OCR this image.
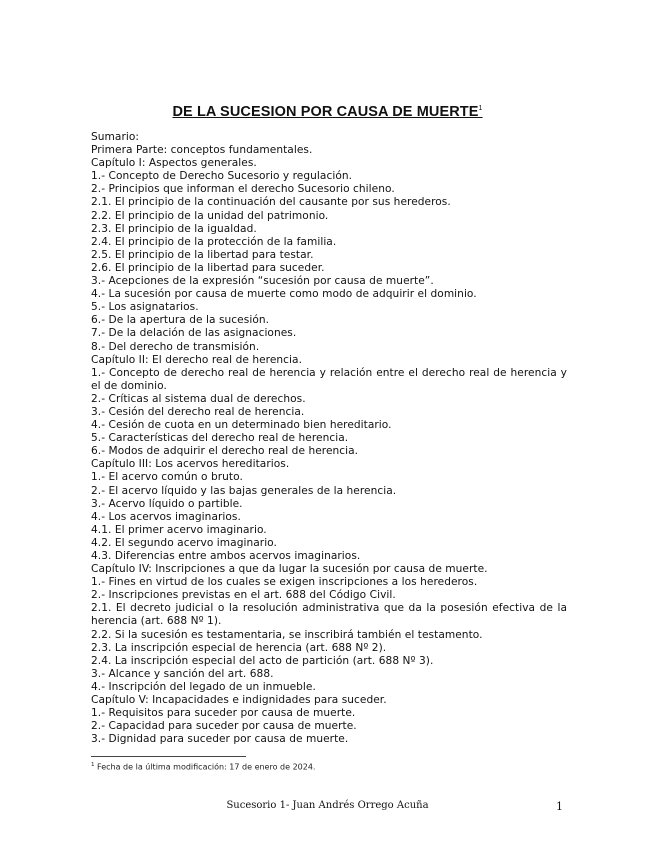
DE LA SUCESION POR CAUSA DE MUERTE$^1$
Sumario:
Primera Parte: conceptos fundamentales.
Capítulo I: Aspectos generales.
1.- Concepto de Derecho Sucesorio y regulación.
2.- Principios que informan el derecho Sucesorio chileno.
2.1. El principio de la continuación del causante por sus herederos.
2.2. El principio de la unidad del patrimonio.
2.3. El principio de la igualdad.
2.4. El principio de la protección de la familia.
2.5. El principio de la libertad para testar.
2.6. El principio de la libertad para suceder.
3.- Acepciones de la expresión “sucesión por causa de muerte”.
4.- La sucesión por causa de muerte como modo de adquirir el dominio.
5.- Los asignatarios.
6.- De la apertura de la sucesión.
7.- De la delación de las asignaciones.
8.- Del derecho de transmisión.
Capítulo II: El derecho real de herencia.
1.- Concepto de derecho real de herencia y relación entre el derecho real de herencia y el de dominio.
2.- Críticas al sistema dual de derechos.
3.- Cesión del derecho real de herencia.
4.- Cesión de cuota en un determinado bien hereditario.
5.- Características del derecho real de herencia.
6.- Modos de adquirir el derecho real de herencia.
Capítulo III: Los acervos hereditarios.
1.- El acervo común o bruto.
2.- El acervo líquido y las bajas generales de la herencia.
3.- Acervo líquido o partible.
4.- Los acervos imaginarios.
4.1. El primer acervo imaginario.
4.2. El segundo acervo imaginario.
4.3. Diferencias entre ambos acervos imaginarios.
Capítulo IV: Inscripciones a que da lugar la sucesión por causa de muerte.
1.- Fines en virtud de los cuales se exigen inscripciones a los herederos.
2.- Inscripciones previstas en el art. 688 del Código Civil.
2.1. El decreto judicial o la resolución administrativa que da la posesión efectiva de la herencia (art. 688 Nº 1).
2.2. Si la sucesión es testamentaria, se inscribirá también el testamento.
2.3. La inscripción especial de herencia (art. 688 Nº 2).
2.4. La inscripción especial del acto de partición (art. 688 Nº 3).
3.- Alcance y sanción del art. 688.
4.- Inscripción del legado de un inmueble.
Capítulo V: Incapacidades e indignidades para suceder.
1.- Requisitos para suceder por causa de muerte.
2.- Capacidad para suceder por causa de muerte.
3.- Dignidad para suceder por causa de muerte.
$^1$ Fecha de la última modificación: 17 de enero de 2024.
Sucesorio 1- Juan Andrés Orrego Acuña	1
